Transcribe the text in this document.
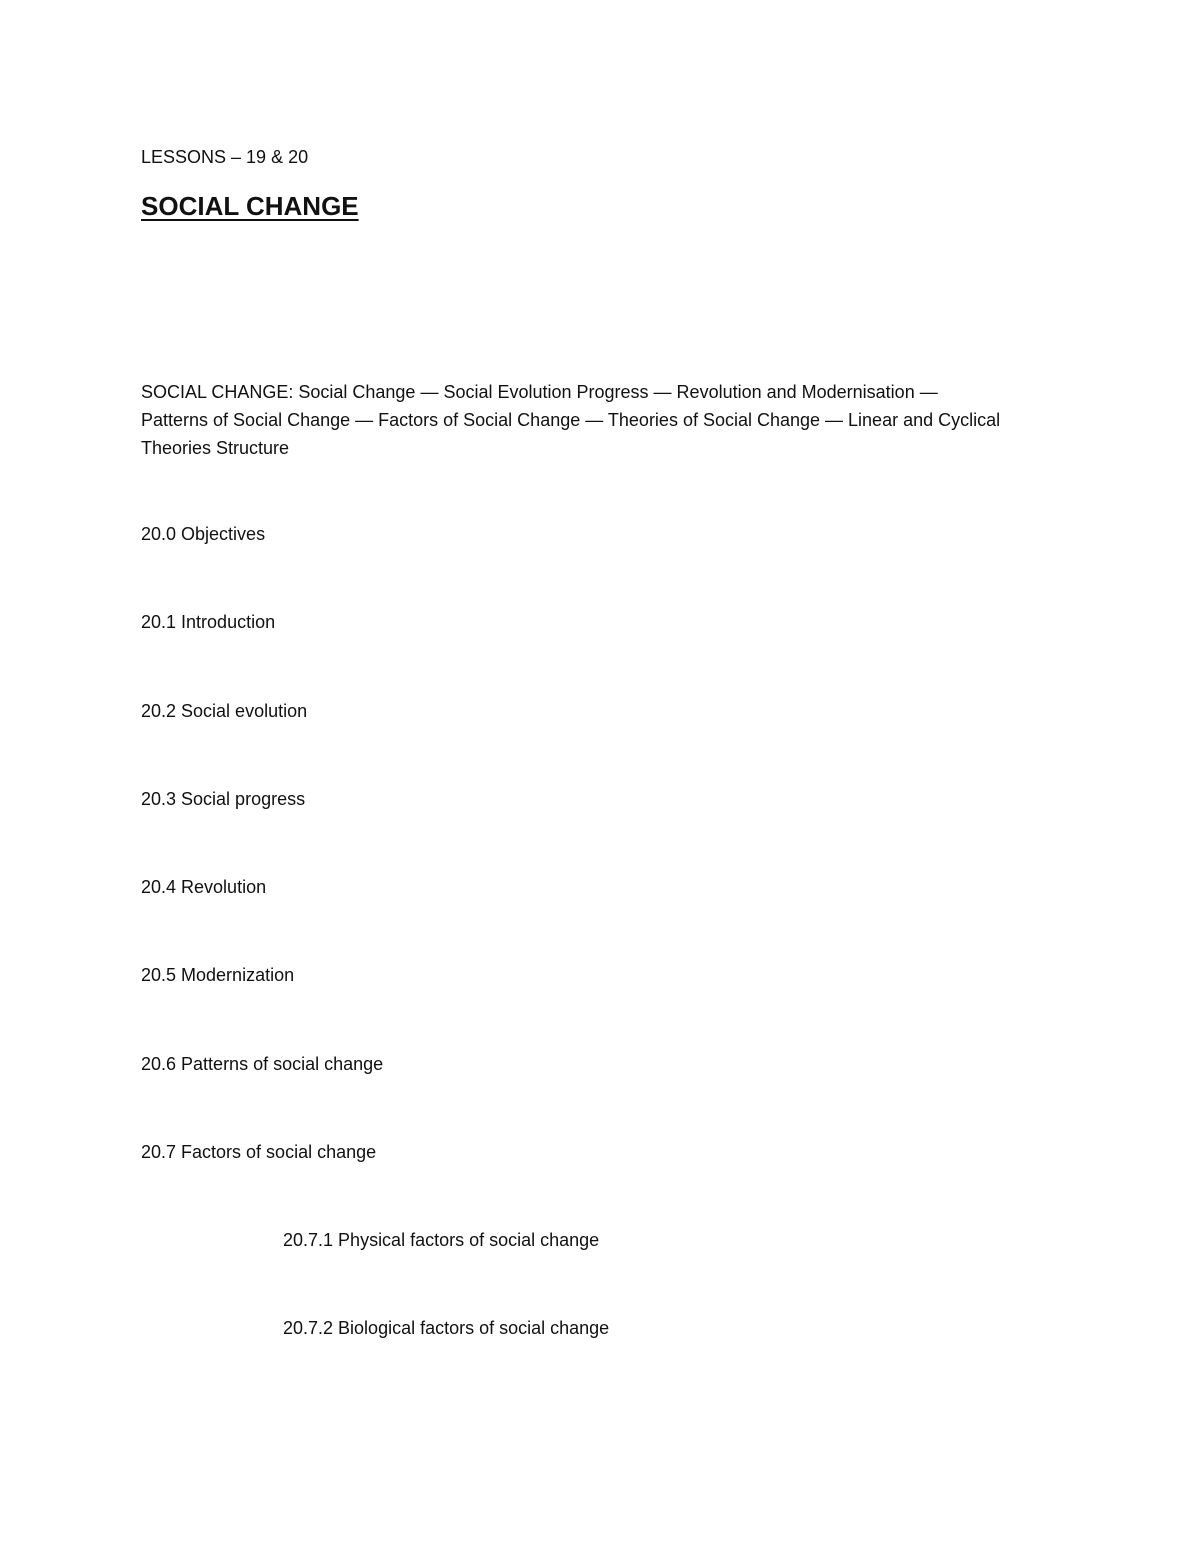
LESSONS – 19 & 20

SOCIAL CHANGE

SOCIAL CHANGE: Social Change — Social Evolution Progress — Revolution and Modernisation —
Patterns of Social Change — Factors of Social Change — Theories of Social Change — Linear and Cyclical
Theories Structure

20.0 Objectives

20.1 Introduction

20.2 Social evolution

20.3 Social progress

20.4 Revolution

20.5 Modernization

20.6 Patterns of social change

20.7 Factors of social change

20.7.1 Physical factors of social change

20.7.2 Biological factors of social change
